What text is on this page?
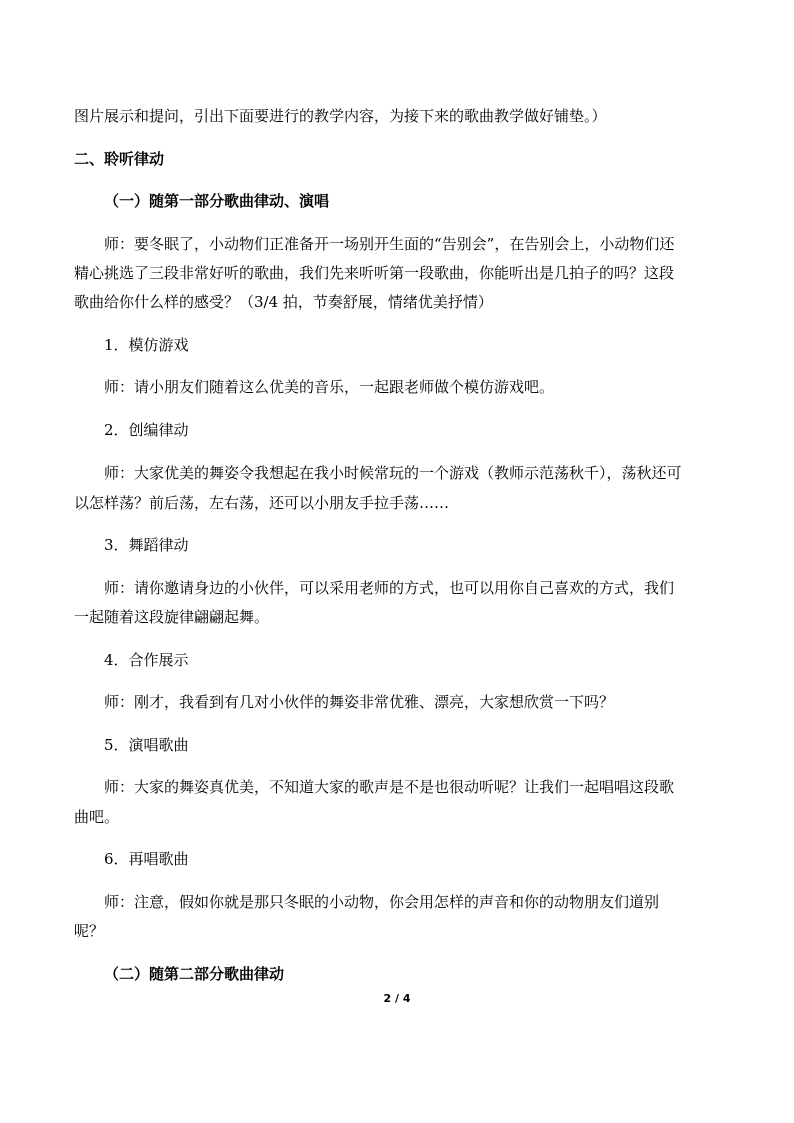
图片展示和提问，引出下面要进行的教学内容，为接下来的歌曲教学做好铺垫。）
二、聆听律动
（一）随第一部分歌曲律动、演唱
师：要冬眠了，小动物们正准备开一场别开生面的“告别会”，在告别会上，小动物们还
精心挑选了三段非常好听的歌曲，我们先来听听第一段歌曲，你能听出是几拍子的吗？这段
歌曲给你什么样的感受？（3/4 拍，节奏舒展，情绪优美抒情）
1．模仿游戏
师：请小朋友们随着这么优美的音乐，一起跟老师做个模仿游戏吧。
2．创编律动
师：大家优美的舞姿令我想起在我小时候常玩的一个游戏（教师示范荡秋千），荡秋还可
以怎样荡？前后荡，左右荡，还可以小朋友手拉手荡……
3．舞蹈律动
师：请你邀请身边的小伙伴，可以采用老师的方式，也可以用你自己喜欢的方式，我们
一起随着这段旋律翩翩起舞。
4．合作展示
师：刚才，我看到有几对小伙伴的舞姿非常优雅、漂亮，大家想欣赏一下吗？
5．演唱歌曲
师：大家的舞姿真优美，不知道大家的歌声是不是也很动听呢？让我们一起唱唱这段歌
曲吧。
6．再唱歌曲
师：注意，假如你就是那只冬眠的小动物，你会用怎样的声音和你的动物朋友们道别
呢？
（二）随第二部分歌曲律动
2 / 4
